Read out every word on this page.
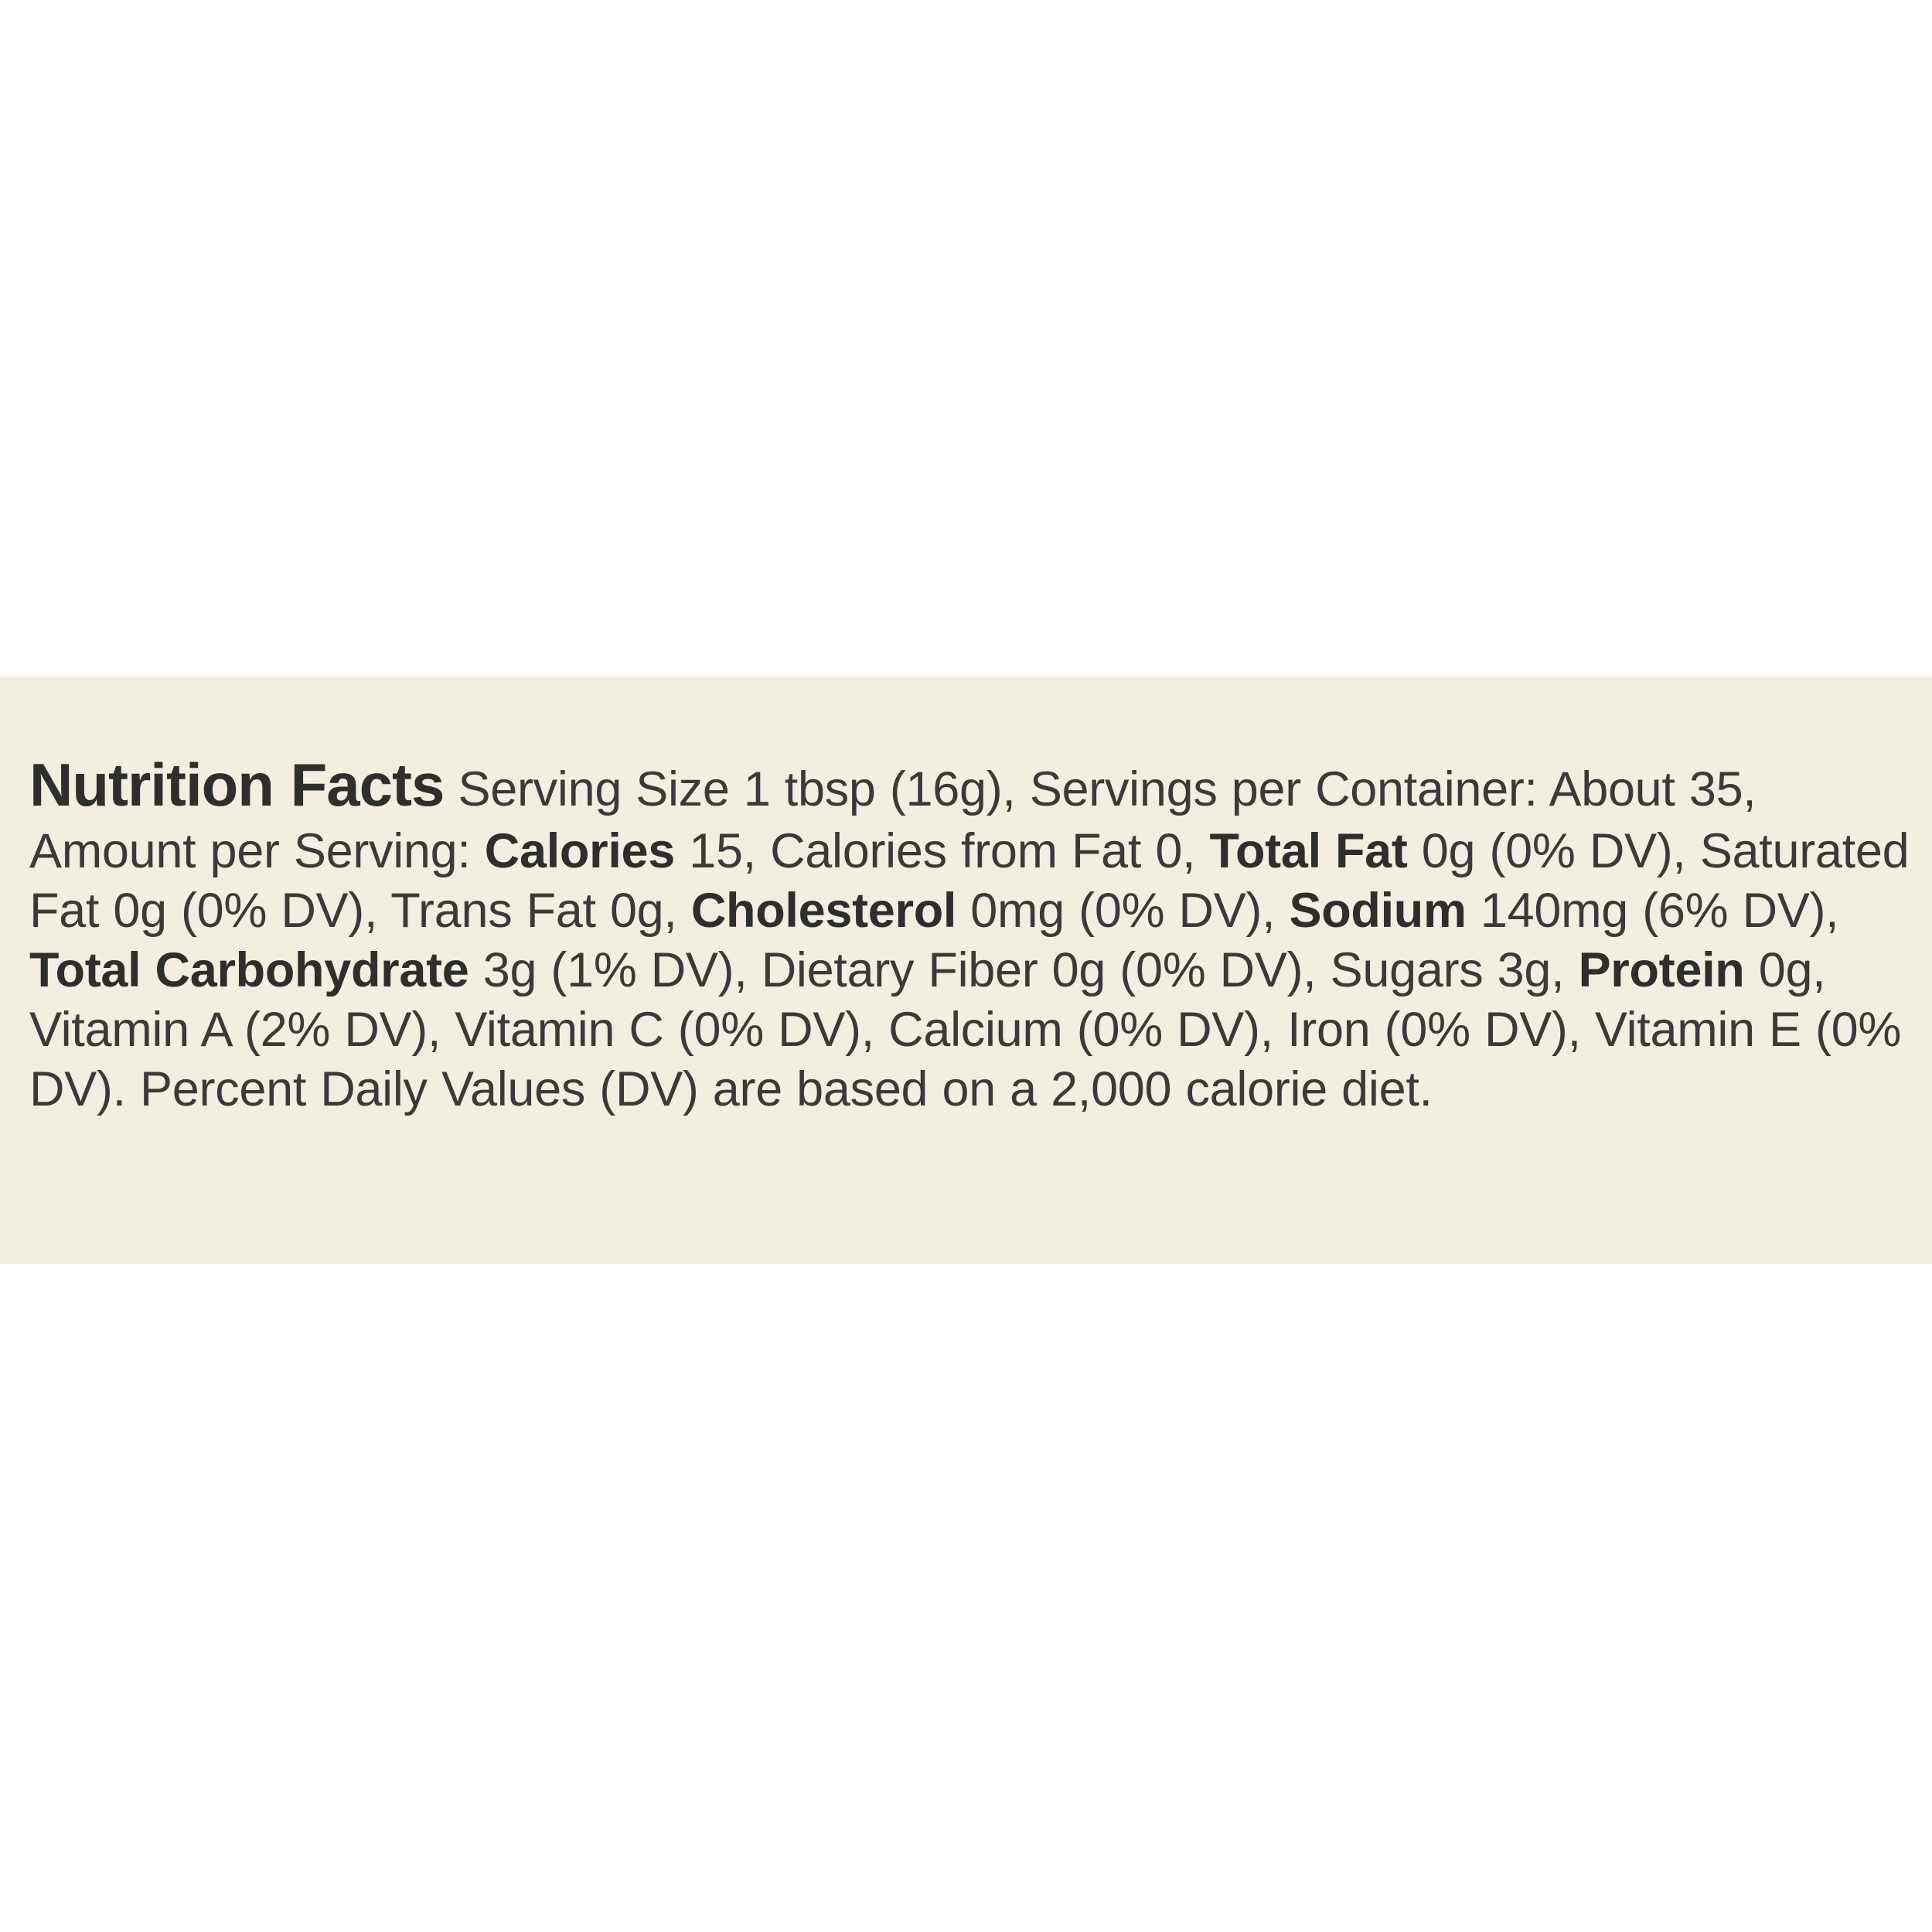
Nutrition Facts Serving Size 1 tbsp (16g), Servings per Container: About 35, Amount per Serving: Calories 15, Calories from Fat 0, Total Fat 0g (0% DV), Saturated Fat 0g (0% DV), Trans Fat 0g, Cholesterol 0mg (0% DV), Sodium 140mg (6% DV), Total Carbohydrate 3g (1% DV), Dietary Fiber 0g (0% DV), Sugars 3g, Protein 0g, Vitamin A (2% DV), Vitamin C (0% DV), Calcium (0% DV), Iron (0% DV), Vitamin E (0% DV). Percent Daily Values (DV) are based on a 2,000 calorie diet.
